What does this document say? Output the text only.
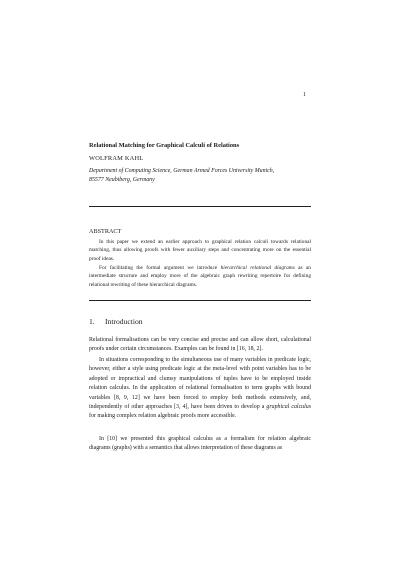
1
Relational Matching for Graphical Calculi of Relations
WOLFRAM KAHL
Department of Computing Science, German Armed Forces University Munich,
85577 Neubiberg, Germany
ABSTRACT
In this paper we extend an earlier approach to graphical relation calculi towards relational matching, thus allowing proofs with fewer auxiliary steps and concentrating more on the essential proof ideas.
For facilitating the formal argument we introduce hierarchical relational diagrams as an intermediate structure and employ more of the algebraic graph rewriting repertoire for defining relational rewriting of these hierarchical diagrams.
1. Introduction
Relational formalisations can be very concise and precise and can allow short, calculational proofs under certain circumstances. Examples can be found in [16, 18, 2].
In situations corresponding to the simultaneous use of many variables in predicate logic, however, either a style using predicate logic at the meta-level with point variables has to be adopted or impractical and clumsy manipulations of tuples have to be employed inside relation calculus. In the application of relational formalisation to term graphs with bound variables [8, 9, 12] we have been forced to employ both methods extensively, and, independently of other approaches [3, 4], have been driven to develop a graphical calculus for making complex relation algebraic proofs more accessible.
In [10] we presented this graphical calculus as a formalism for relation algebraic diagrams (graphs) with a semantics that allows interpretation of these diagrams as
